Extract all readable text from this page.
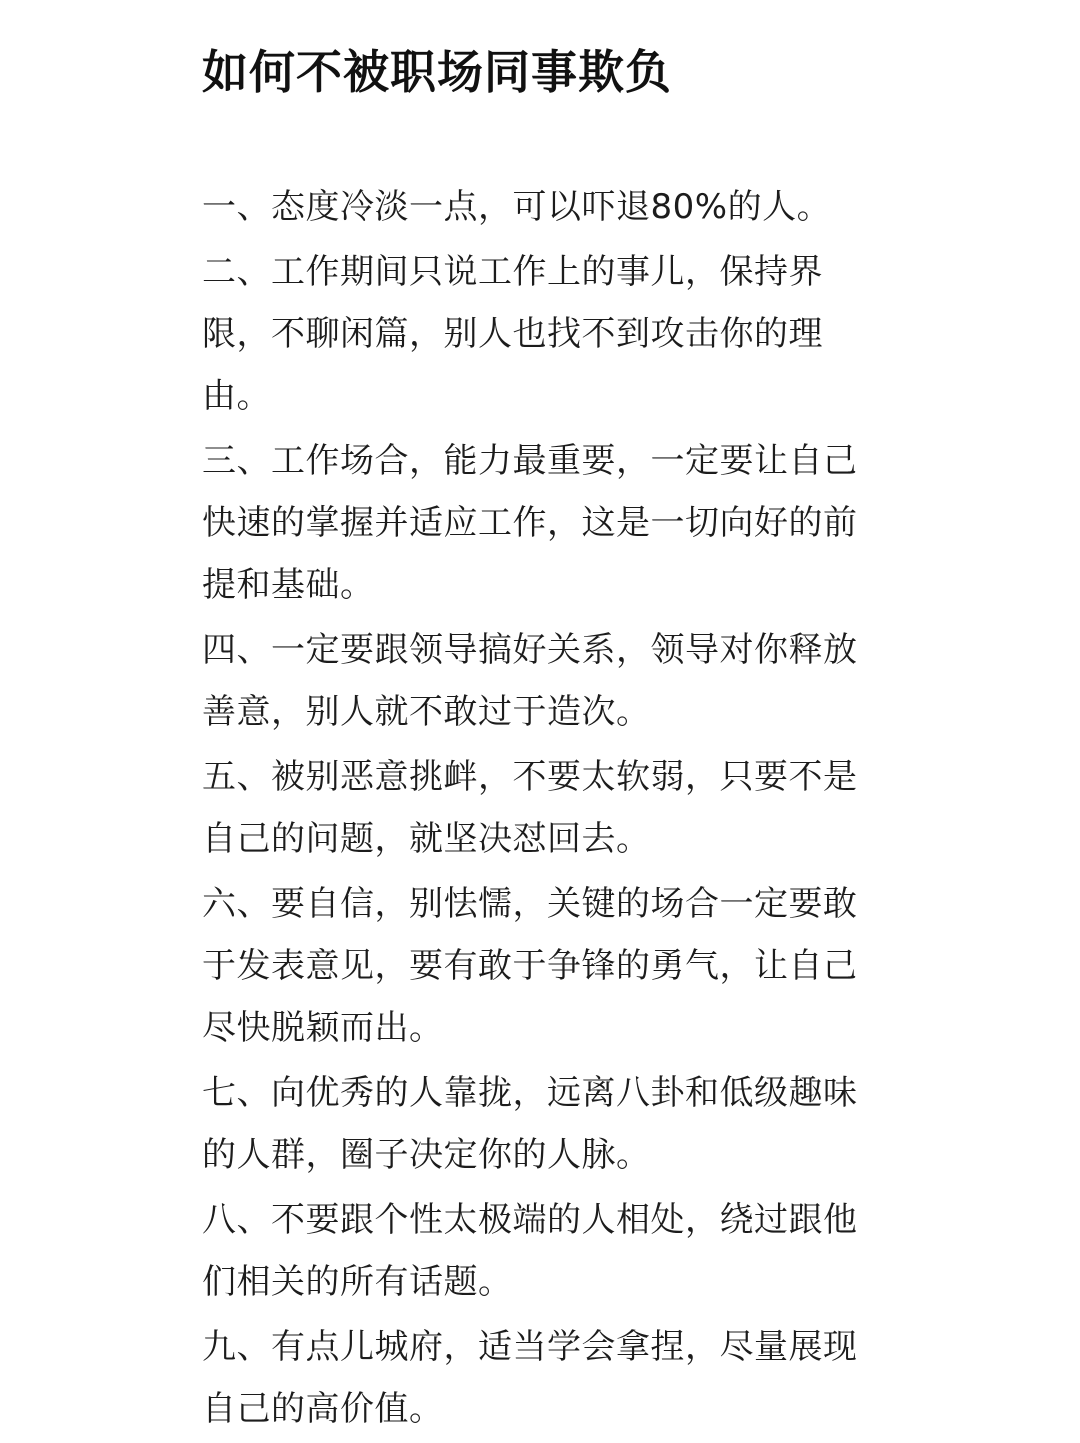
如何不被职场同事欺负
一、态度冷淡一点，可以吓退80%的人。
二、工作期间只说工作上的事儿，保持界限，不聊闲篇，别人也找不到攻击你的理由。
三、工作场合，能力最重要，一定要让自己快速的掌握并适应工作，这是一切向好的前提和基础。
四、一定要跟领导搞好关系，领导对你释放善意，别人就不敢过于造次。
五、被别恶意挑衅，不要太软弱，只要不是自己的问题，就坚决怼回去。
六、要自信，别怯懦，关键的场合一定要敢于发表意见，要有敢于争锋的勇气，让自己尽快脱颖而出。
七、向优秀的人靠拢，远离八卦和低级趣味的人群，圈子决定你的人脉。
八、不要跟个性太极端的人相处，绕过跟他们相关的所有话题。
九、有点儿城府，适当学会拿捏，尽量展现自己的高价值。
